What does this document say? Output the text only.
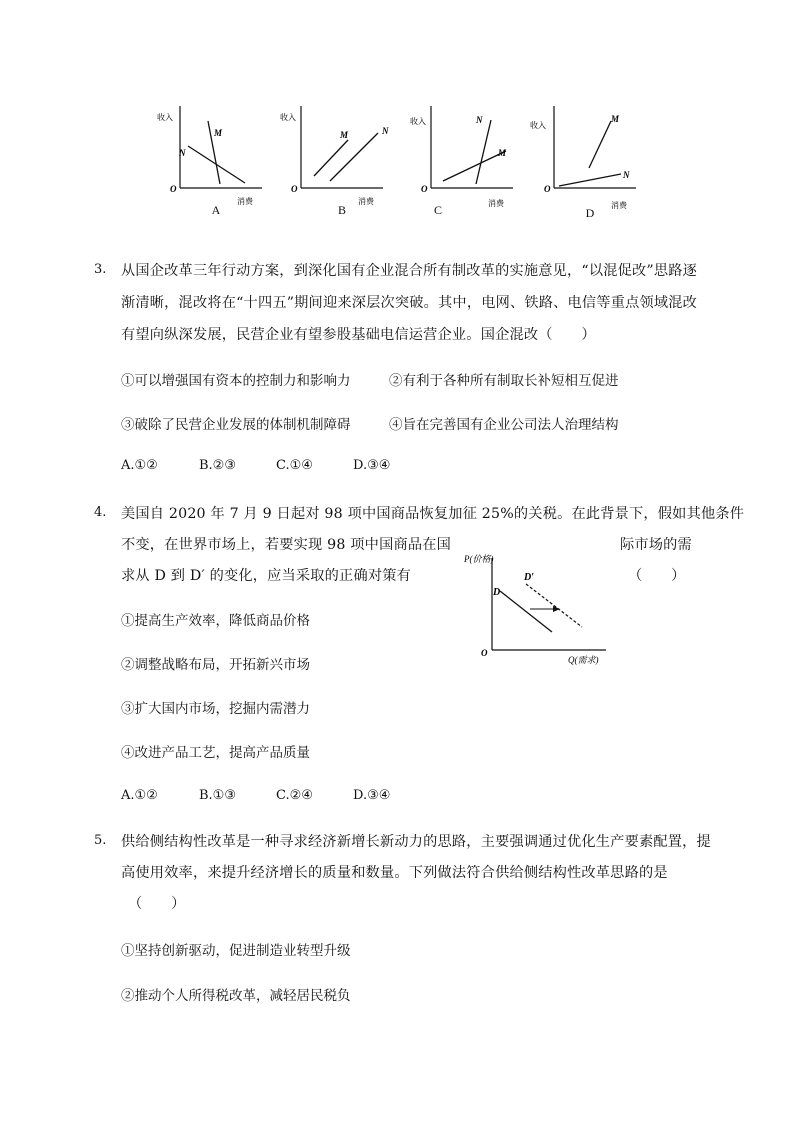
收入
消费
O
M
N
A
收入
消费
O
M	N
B
收入
消费
O
M
N
C
收入
消费
O
M
N
D
3. 从国企改革三年行动方案，到深化国有企业混合所有制改革的实施意见，“以混促改”思路逐
渐清晰，混改将在“十四五”期间迎来深层次突破。其中，电网、铁路、电信等重点领域混改
有望向纵深发展，民营企业有望参股基础电信运营企业。国企混改（　　）
①可以增强国有资本的控制力和影响力	②有利于各种所有制取长补短相互促进
③破除了民营企业发展的体制机制障碍	④旨在完善国有企业公司法人治理结构
A.①②	B.②③	C.①④	D.③④
4. 美国自 2020 年 7 月 9 日起对 98 项中国商品恢复加征 25%的关税。在此背景下，假如其他条件
不变，在世界市场上，若要实现 98 项中国商品在国	际市场的需
求从 D 到 D′ 的变化，应当采取的正确对策有	（　　）
P(价格)
Q(需求)
O
D
D′
①提高生产效率，降低商品价格
②调整战略布局，开拓新兴市场
③扩大国内市场，挖掘内需潜力
④改进产品工艺，提高产品质量
A.①②	B.①③	C.②④	D.③④
5. 供给侧结构性改革是一种寻求经济新增长新动力的思路，主要强调通过优化生产要素配置，提
高使用效率，来提升经济增长的质量和数量。下列做法符合供给侧结构性改革思路的是
（　　）
①坚持创新驱动，促进制造业转型升级
②推动个人所得税改革，减轻居民税负
